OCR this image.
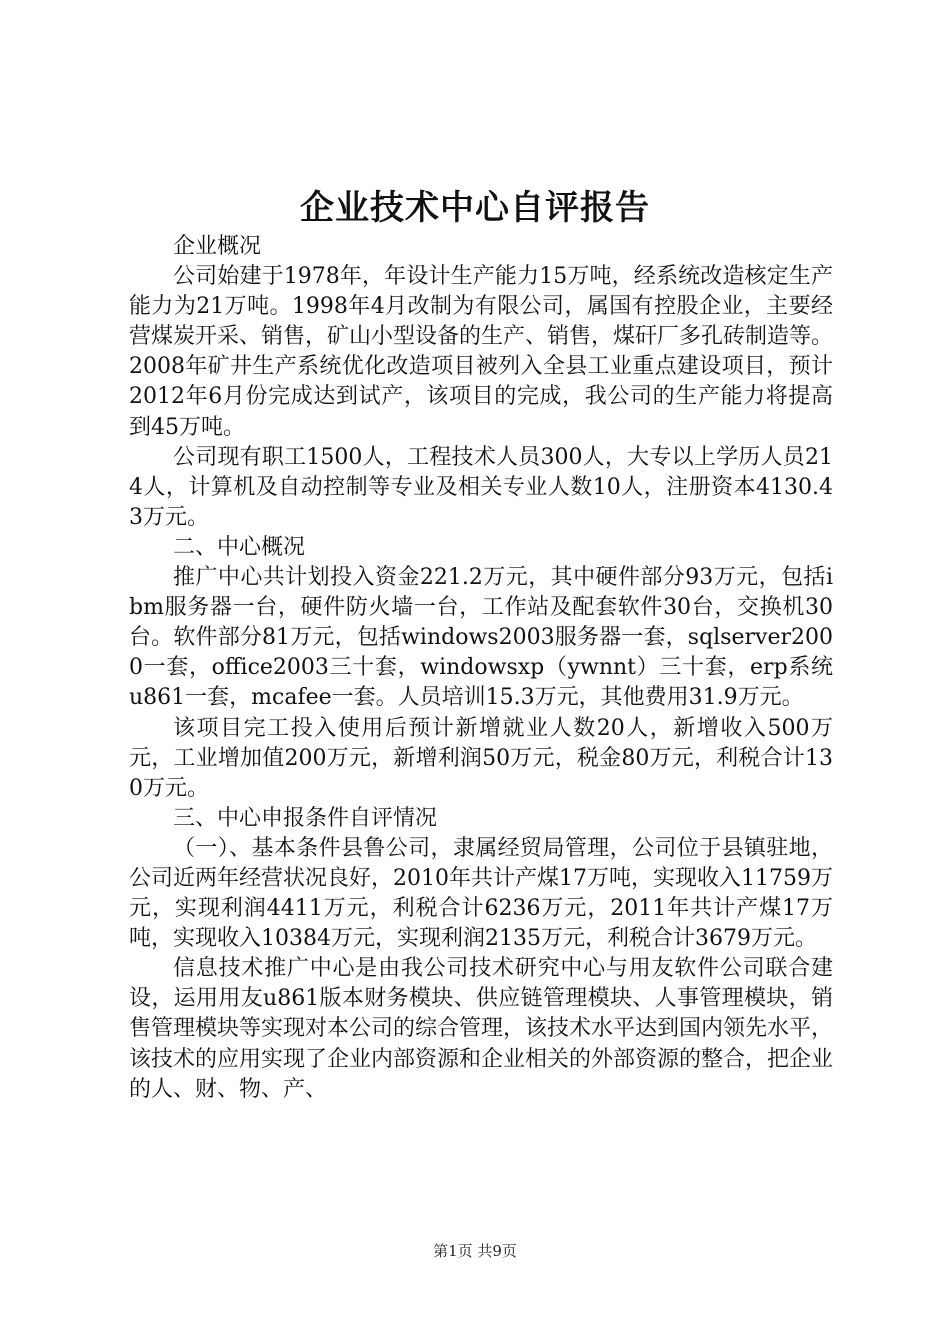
企业技术中心自评报告

企业概况

公司始建于1978年，年设计生产能力15万吨，经系统改造核定生产能力为21万吨。1998年4月改制为有限公司，属国有控股企业，主要经营煤炭开采、销售，矿山小型设备的生产、销售，煤矸厂多孔砖制造等。2008年矿井生产系统优化改造项目被列入全县工业重点建设项目，预计2012年6月份完成达到试产，该项目的完成，我公司的生产能力将提高到45万吨。

公司现有职工1500人，工程技术人员300人，大专以上学历人员214人，计算机及自动控制等专业及相关专业人数10人，注册资本4130.43万元。

二、中心概况

推广中心共计划投入资金221.2万元，其中硬件部分93万元，包括ibm服务器一台，硬件防火墙一台，工作站及配套软件30台，交换机30台。软件部分81万元，包括windows2003服务器一套，sqlserver2000一套，office2003三十套，windowsxp（ywnnt）三十套，erp系统u861一套，mcafee一套。人员培训15.3万元，其他费用31.9万元。

该项目完工投入使用后预计新增就业人数20人，新增收入500万元，工业增加值200万元，新增利润50万元，税金80万元，利税合计130万元。

三、中心申报条件自评情况

（一）、基本条件县鲁公司，隶属经贸局管理，公司位于县镇驻地，公司近两年经营状况良好，2010年共计产煤17万吨，实现收入11759万元，实现利润4411万元，利税合计6236万元，2011年共计产煤17万吨，实现收入10384万元，实现利润2135万元，利税合计3679万元。

信息技术推广中心是由我公司技术研究中心与用友软件公司联合建设，运用用友u861版本财务模块、供应链管理模块、人事管理模块，销售管理模块等实现对本公司的综合管理，该技术水平达到国内领先水平，该技术的应用实现了企业内部资源和企业相关的外部资源的整合，把企业的人、财、物、产、

第1页 共9页
